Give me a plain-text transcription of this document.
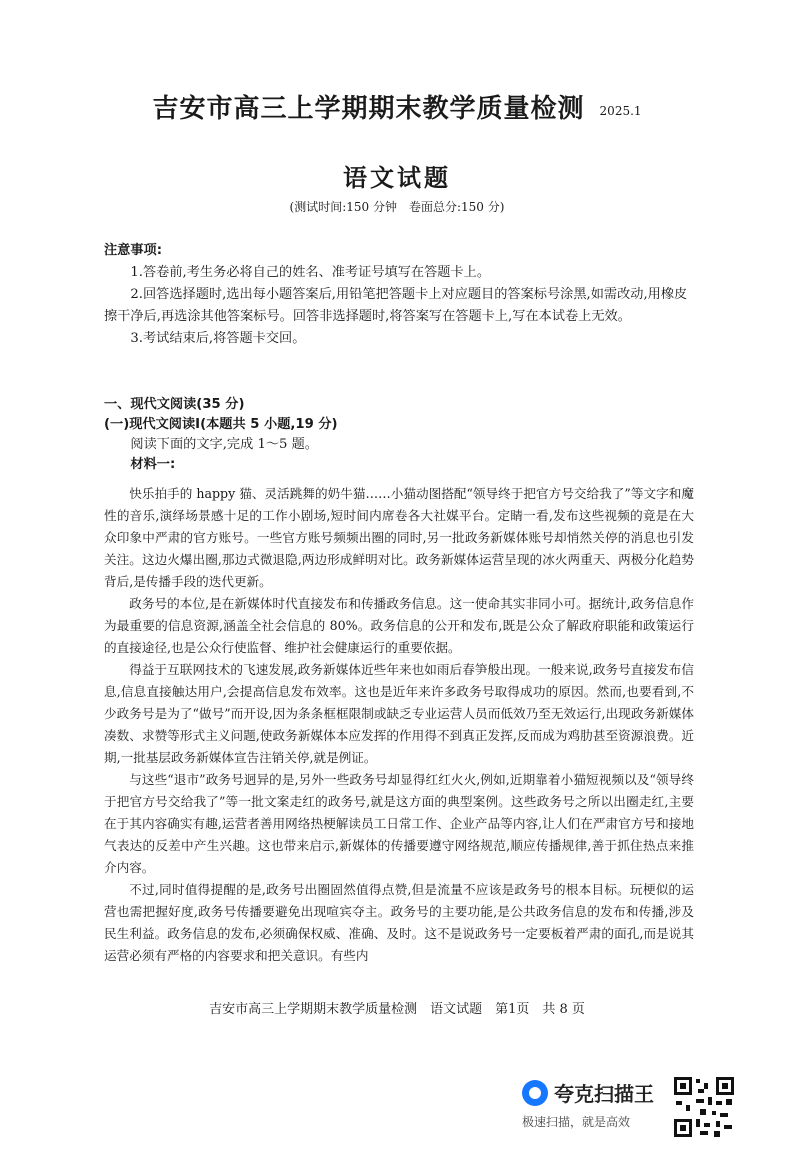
吉安市高三上学期期末教学质量检测 2025.1
语文试题
(测试时间:150 分钟　卷面总分:150 分)

注意事项:

1.答卷前,考生务必将自己的姓名、准考证号填写在答题卡上。

2.回答选择题时,选出每小题答案后,用铅笔把答题卡上对应题目的答案标号涂黑,如需改动,用橡皮擦干净后,再选涂其他答案标号。回答非选择题时,将答案写在答题卡上,写在本试卷上无效。

3.考试结束后,将答题卡交回。

一、现代文阅读(35 分)

(一)现代文阅读Ⅰ(本题共 5 小题,19 分)

阅读下面的文字,完成 1～5 题。

材料一:

快乐拍手的 happy 猫、灵活跳舞的奶牛猫……小猫动图搭配“领导终于把官方号交给我了”等文字和魔性的音乐,演绎场景感十足的工作小剧场,短时间内席卷各大社媒平台。定睛一看,发布这些视频的竟是在大众印象中严肃的官方账号。一些官方账号频频出圈的同时,另一批政务新媒体账号却悄然关停的消息也引发关注。这边火爆出圈,那边式微退隐,两边形成鲜明对比。政务新媒体运营呈现的冰火两重天、两极分化趋势背后,是传播手段的迭代更新。

政务号的本位,是在新媒体时代直接发布和传播政务信息。这一使命其实非同小可。据统计,政务信息作为最重要的信息资源,涵盖全社会信息的 80%。政务信息的公开和发布,既是公众了解政府职能和政策运行的直接途径,也是公众行使监督、维护社会健康运行的重要依据。

得益于互联网技术的飞速发展,政务新媒体近些年来也如雨后春笋般出现。一般来说,政务号直接发布信息,信息直接触达用户,会提高信息发布效率。这也是近年来许多政务号取得成功的原因。然而,也要看到,不少政务号是为了“做号”而开设,因为条条框框限制或缺乏专业运营人员而低效乃至无效运行,出现政务新媒体凑数、求赞等形式主义问题,使政务新媒体本应发挥的作用得不到真正发挥,反而成为鸡肋甚至资源浪费。近期,一批基层政务新媒体宣告注销关停,就是例证。

与这些“退市”政务号迥异的是,另外一些政务号却显得红红火火,例如,近期靠着小猫短视频以及“领导终于把官方号交给我了”等一批文案走红的政务号,就是这方面的典型案例。这些政务号之所以出圈走红,主要在于其内容确实有趣,运营者善用网络热梗解读员工日常工作、企业产品等内容,让人们在严肃官方号和接地气表达的反差中产生兴趣。这也带来启示,新媒体的传播要遵守网络规范,顺应传播规律,善于抓住热点来推介内容。

不过,同时值得提醒的是,政务号出圈固然值得点赞,但是流量不应该是政务号的根本目标。玩梗似的运营也需把握好度,政务号传播要避免出现喧宾夺主。政务号的主要功能,是公共政务信息的发布和传播,涉及民生利益。政务信息的发布,必须确保权威、准确、及时。这不是说政务号一定要板着严肃的面孔,而是说其运营必须有严格的内容要求和把关意识。有些内

吉安市高三上学期期末教学质量检测　语文试题　第1页　共 8 页
夸克扫描王
极速扫描，就是高效
